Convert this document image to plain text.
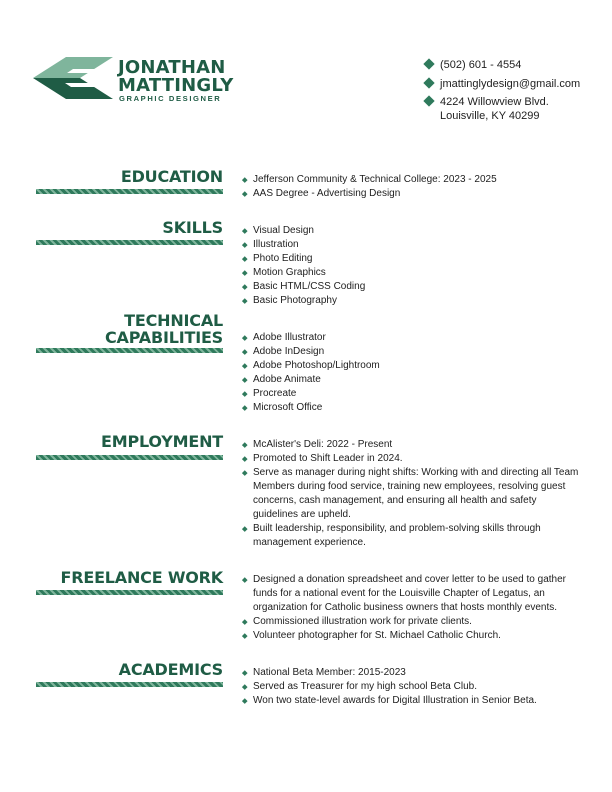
JONATHAN
MATTINGLY
GRAPHIC DESIGNER
(502) 601 - 4554
jmattinglydesign@gmail.com
4224 Willowview Blvd.
Louisville, KY 40299
EDUCATION	Jefferson Community & Technical College: 2023 - 2025
AAS Degree - Advertising Design
SKILLS	Visual Design
Illustration
Photo Editing
Motion Graphics
Basic HTML/CSS Coding
Basic Photography
TECHNICAL
CAPABILITIES	Adobe Illustrator
Adobe InDesign
Adobe Photoshop/Lightroom
Adobe Animate
Procreate
Microsoft Office
EMPLOYMENT	McAlister's Deli: 2022 - Present
Promoted to Shift Leader in 2024.
Serve as manager during night shifts: Working with and directing all Team Members during food service, training new employees, resolving guest concerns, cash management, and ensuring all health and safety guidelines are upheld.
Built leadership, responsibility, and problem-solving skills through management experience.
FREELANCE WORK	Designed a donation spreadsheet and cover letter to be used to gather funds for a national event for the Louisville Chapter of Legatus, an organization for Catholic business owners that hosts monthly events.
Commissioned illustration work for private clients.
Volunteer photographer for St. Michael Catholic Church.
ACADEMICS	National Beta Member: 2015-2023
Served as Treasurer for my high school Beta Club.
Won two state-level awards for Digital Illustration in Senior Beta.
